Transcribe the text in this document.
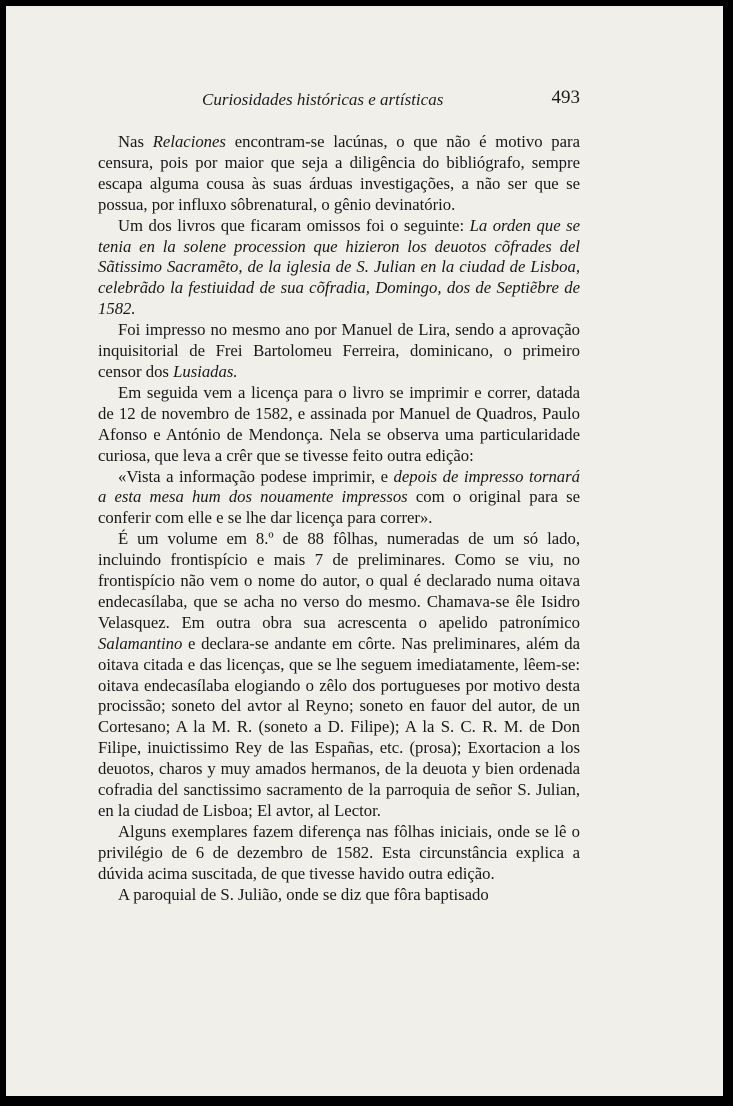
Curiosidades históricas e artísticas	493

Nas Relaciones encontram-se lacúnas, o que não é motivo para censura, pois por maior que seja a diligência do bibliógrafo, sempre escapa alguma cousa às suas árduas investigações, a não ser que se possua, por influxo sôbrenatural, o gênio devinatório.

Um dos livros que ficaram omissos foi o seguinte: La orden que se tenia en la solene procession que hizieron los deuotos cõfrades del Sãtissimo Sacramẽto, de la iglesia de S. Julian en la ciudad de Lisboa, celebrãdo la festiuidad de sua cõfradia, Domingo, dos de Septiẽbre de 1582.

Foi impresso no mesmo ano por Manuel de Lira, sendo a aprovação inquisitorial de Frei Bartolomeu Ferreira, dominicano, o primeiro censor dos Lusiadas.

Em seguida vem a licença para o livro se imprimir e correr, datada de 12 de novembro de 1582, e assinada por Manuel de Quadros, Paulo Afonso e António de Mendonça. Nela se observa uma particularidade curiosa, que leva a crêr que se tivesse feito outra edição:

«Vista a informação podese imprimir, e depois de impresso tornará a esta mesa hum dos nouamente impressos com o original para se conferir com elle e se lhe dar licença para correr».

É um volume em 8.º de 88 fôlhas, numeradas de um só lado, incluindo frontispício e mais 7 de preliminares. Como se viu, no frontispício não vem o nome do autor, o qual é declarado numa oitava endecasílaba, que se acha no verso do mesmo. Chamava-se êle Isidro Velasquez. Em outra obra sua acrescenta o apelido patronímico Salamantino e declara-se andante em côrte. Nas preliminares, além da oitava citada e das licenças, que se lhe seguem imediatamente, lêem-se: oitava endecasílaba elogiando o zêlo dos portugueses por motivo desta procissão; soneto del avtor al Reyno; soneto en fauor del autor, de un Cortesano; A la M. R. (soneto a D. Filipe); A la S. C. R. M. de Don Filipe, inuictissimo Rey de las Españas, etc. (prosa); Exortacion a los deuotos, charos y muy amados hermanos, de la deuota y bien ordenada cofradia del sanctissimo sacramento de la parroquia de señor S. Julian, en la ciudad de Lisboa; El avtor, al Lector.

Alguns exemplares fazem diferença nas fôlhas iniciais, onde se lê o privilégio de 6 de dezembro de 1582. Esta circunstância explica a dúvida acima suscitada, de que tivesse havido outra edição.

A paroquial de S. Julião, onde se diz que fôra baptisado
